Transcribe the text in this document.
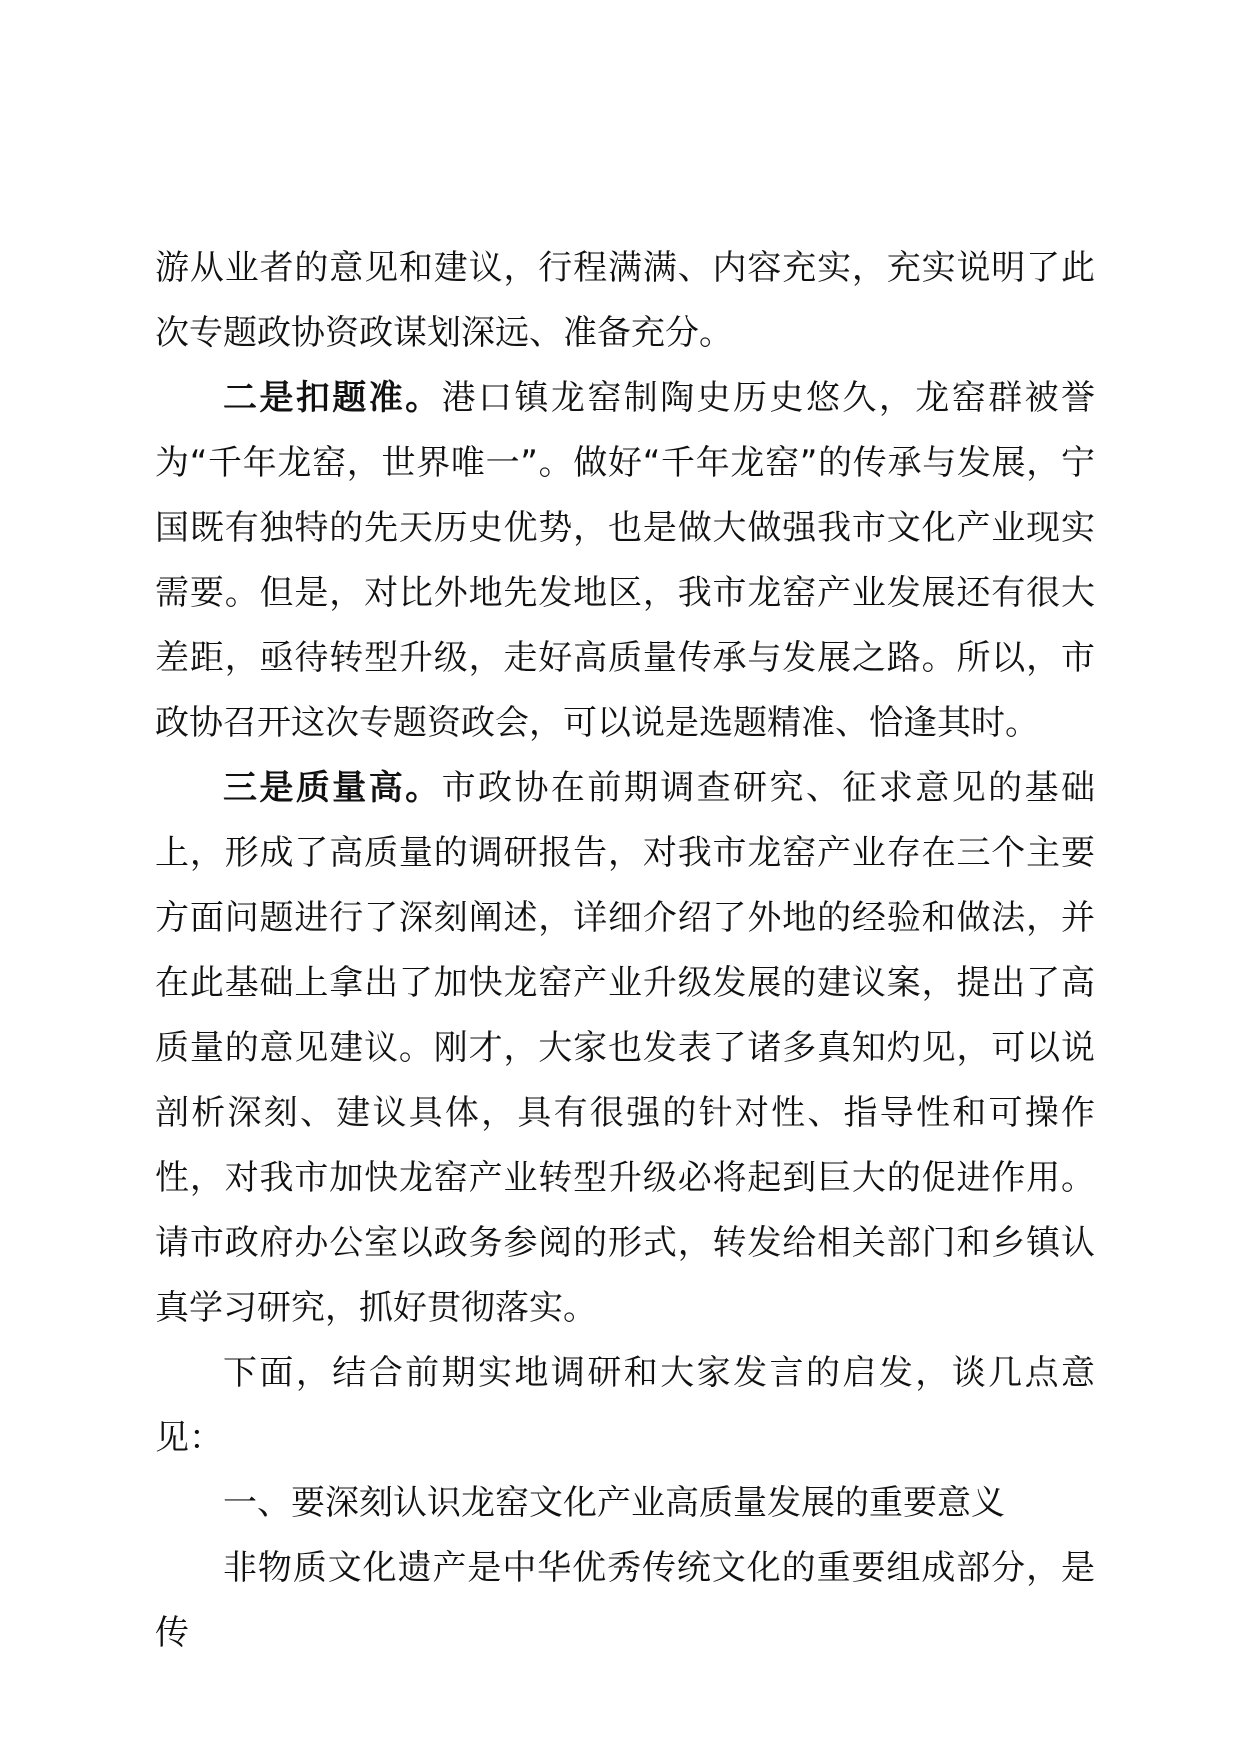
游从业者的意见和建议，行程满满、内容充实，充实说明了此次专题政协资政谋划深远、准备充分。

二是扣题准。港口镇龙窑制陶史历史悠久，龙窑群被誉为“千年龙窑，世界唯一”。做好“千年龙窑”的传承与发展，宁国既有独特的先天历史优势，也是做大做强我市文化产业现实需要。但是，对比外地先发地区，我市龙窑产业发展还有很大差距，亟待转型升级，走好高质量传承与发展之路。所以，市政协召开这次专题资政会，可以说是选题精准、恰逢其时。

三是质量高。市政协在前期调查研究、征求意见的基础上，形成了高质量的调研报告，对我市龙窑产业存在三个主要方面问题进行了深刻阐述，详细介绍了外地的经验和做法，并在此基础上拿出了加快龙窑产业升级发展的建议案，提出了高质量的意见建议。刚才，大家也发表了诸多真知灼见，可以说剖析深刻、建议具体，具有很强的针对性、指导性和可操作性，对我市加快龙窑产业转型升级必将起到巨大的促进作用。请市政府办公室以政务参阅的形式，转发给相关部门和乡镇认真学习研究，抓好贯彻落实。

下面，结合前期实地调研和大家发言的启发，谈几点意见：

一、要深刻认识龙窑文化产业高质量发展的重要意义

非物质文化遗产是中华优秀传统文化的重要组成部分，是传
